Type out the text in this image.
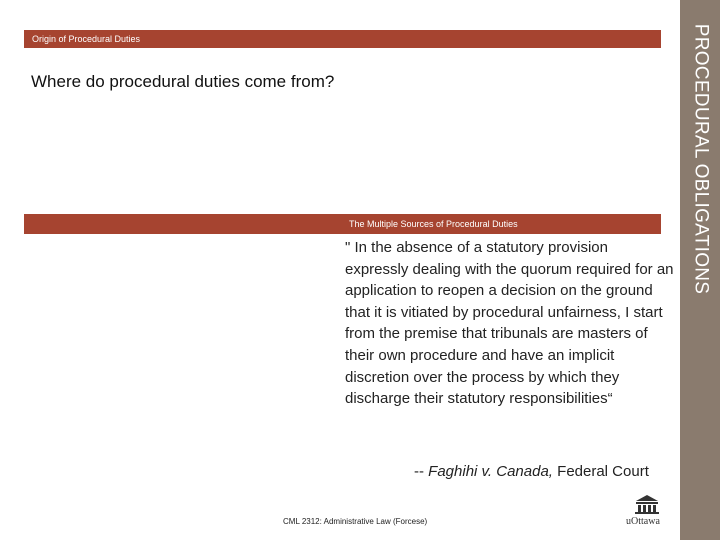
PROCEDURAL OBLIGATIONS
Origin of Procedural Duties
Where do procedural duties come from?
The Multiple Sources of Procedural Duties
" In the absence of a statutory provision expressly dealing with the quorum required for an application to reopen a decision on the ground that it is vitiated by procedural unfairness, I start from the premise that tribunals are masters of their own procedure and have an implicit discretion over the process by which they discharge their statutory responsibilities“
-- Faghihi v. Canada, Federal Court
CML 2312: Administrative Law (Forcese)	uOttawa
